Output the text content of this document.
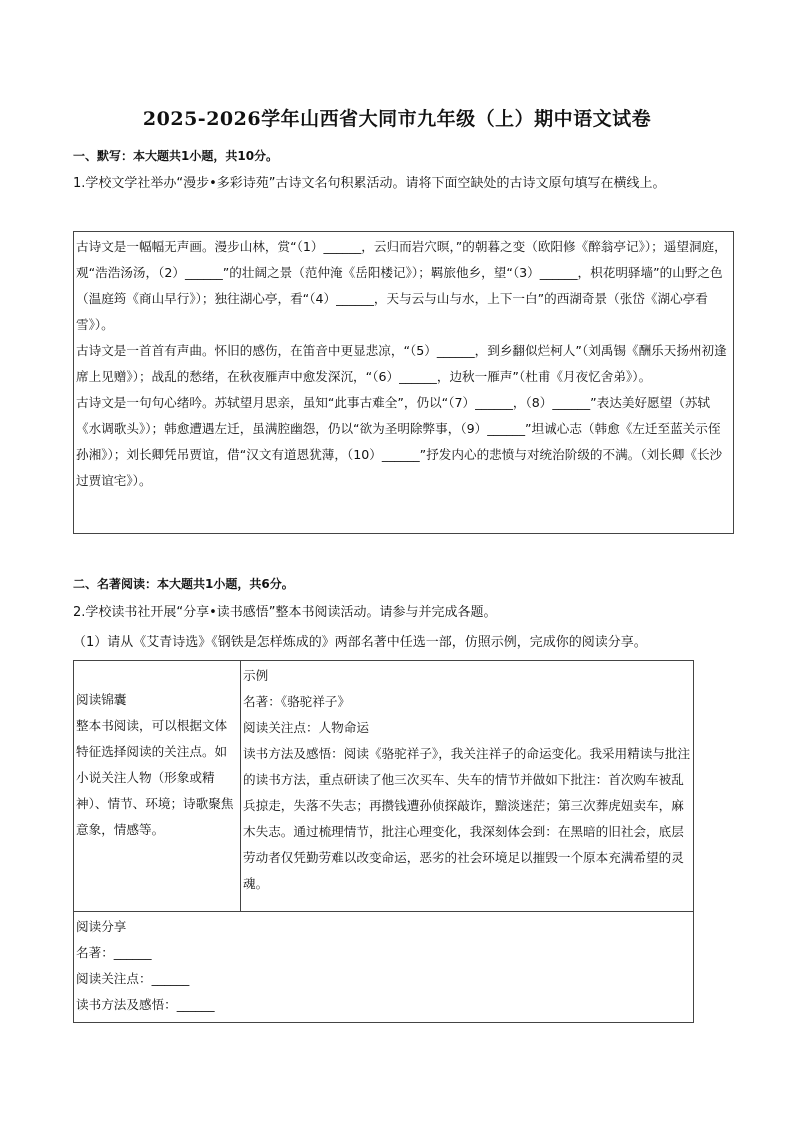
2025-2026学年山西省大同市九年级（上）期中语文试卷
一、默写：本大题共1小题，共10分。
1.学校文学社举办“漫步•多彩诗苑”古诗文名句积累活动。请将下面空缺处的古诗文原句填写在横线上。

古诗文是一幅幅无声画。漫步山林，赏“（1）______，云归而岩穴暝，”的朝暮之变（欧阳修《醉翁亭记》）；遥望洞庭，观“浩浩汤汤，（2）______”的壮阔之景（范仲淹《岳阳楼记》）；羁旅他乡，望“（3）______，枳花明驿墙”的山野之色（温庭筠《商山早行》）；独往湖心亭，看“（4）______，天与云与山与水，上下一白”的西湖奇景（张岱《湖心亭看雪》）。

古诗文是一首首有声曲。怀旧的感伤，在笛音中更显悲凉，“（5）______，到乡翻似烂柯人”（刘禹锡《酬乐天扬州初逢席上见赠》）；战乱的愁绪，在秋夜雁声中愈发深沉，“（6）______，边秋一雁声”（杜甫《月夜忆舍弟》）。

古诗文是一句句心绪吟。苏轼望月思亲，虽知“此事古难全”，仍以“（7）______，（8）______”表达美好愿望（苏轼《水调歌头》）；韩愈遭遇左迁，虽满腔幽怨，仍以“欲为圣明除弊事，（9）______”坦诚心志（韩愈《左迁至蓝关示侄孙湘》）；刘长卿凭吊贾谊，借“汉文有道恩犹薄，（10）______”抒发内心的悲愤与对统治阶级的不满。（刘长卿《长沙过贾谊宅》）。

二、名著阅读：本大题共1小题，共6分。
2.学校读书社开展“分享•读书感悟”整本书阅读活动。请参与并完成各题。
（1）请从《艾青诗选》《钢铁是怎样炼成的》两部名著中任选一部，仿照示例，完成你的阅读分享。
阅读锦囊
整本书阅读，可以根据文体特征选择阅读的关注点。如小说关注人物（形象或精神）、情节、环境；诗歌聚焦意象，情感等。

示例
名著：《骆驼祥子》
阅读关注点：人物命运
读书方法及感悟：阅读《骆驼祥子》，我关注祥子的命运变化。我采用精读与批注的读书方法，重点研读了他三次买车、失车的情节并做如下批注：首次购车被乱兵掠走，失落不失志；再攒钱遭孙侦探敲诈，黯淡迷茫；第三次葬虎妞卖车，麻木失志。通过梳理情节，批注心理变化，我深刻体会到：在黑暗的旧社会，底层劳动者仅凭勤劳难以改变命运，恶劣的社会环境足以摧毁一个原本充满希望的灵魂。

阅读分享
名著：______
阅读关注点：______
读书方法及感悟：______
